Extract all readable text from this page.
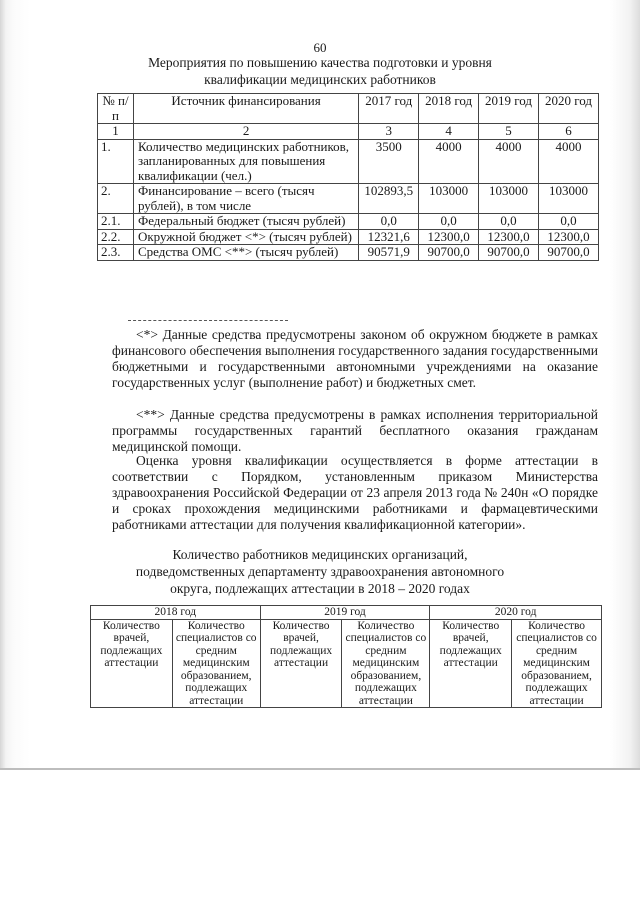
60
Мероприятия по повышению качества подготовки и уровня
квалификации медицинских работников
№ п/п	Источник финансирования	2017 год	2018 год	2019 год	2020 год
1	2	3	4	5	6
1.	Количество медицинских работников, запланированных для повышения квалификации (чел.)	3500	4000	4000	4000
2.	Финансирование – всего (тысяч рублей), в том числе	102893,5	103000	103000	103000
2.1.	Федеральный бюджет (тысяч рублей)	0,0	0,0	0,0	0,0
2.2.	Окружной бюджет <*> (тысяч рублей)	12321,6	12300,0	12300,0	12300,0
2.3.	Средства ОМС <**> (тысяч рублей)	90571,9	90700,0	90700,0	90700,0

<*> Данные средства предусмотрены законом об окружном бюджете в рамках финансового обеспечения выполнения государственного задания государственными бюджетными и государственными автономными учреждениями на оказание государственных услуг (выполнение работ) и бюджетных смет.

<**> Данные средства предусмотрены в рамках исполнения территориальной программы государственных гарантий бесплатного оказания гражданам медицинской помощи.

Оценка уровня квалификации осуществляется в форме аттестации в соответствии с Порядком, установленным приказом Министерства здравоохранения Российской Федерации от 23 апреля 2013 года № 240н «О порядке и сроках прохождения медицинскими работниками и фармацевтическими работниками аттестации для получения квалификационной категории».

Количество работников медицинских организаций,
подведомственных департаменту здравоохранения автономного
округа, подлежащих аттестации в 2018 – 2020 годах
2018 год		2019 год		2020 год	
Количество врачей, подлежащих аттестации	Количество специалистов со средним медицинским образованием, подлежащих аттестации	Количество врачей, подлежащих аттестации	Количество специалистов со средним медицинским образованием, подлежащих аттестации	Количество врачей, подлежащих аттестации	Количество специалистов со средним медицинским образованием, подлежащих аттестации
